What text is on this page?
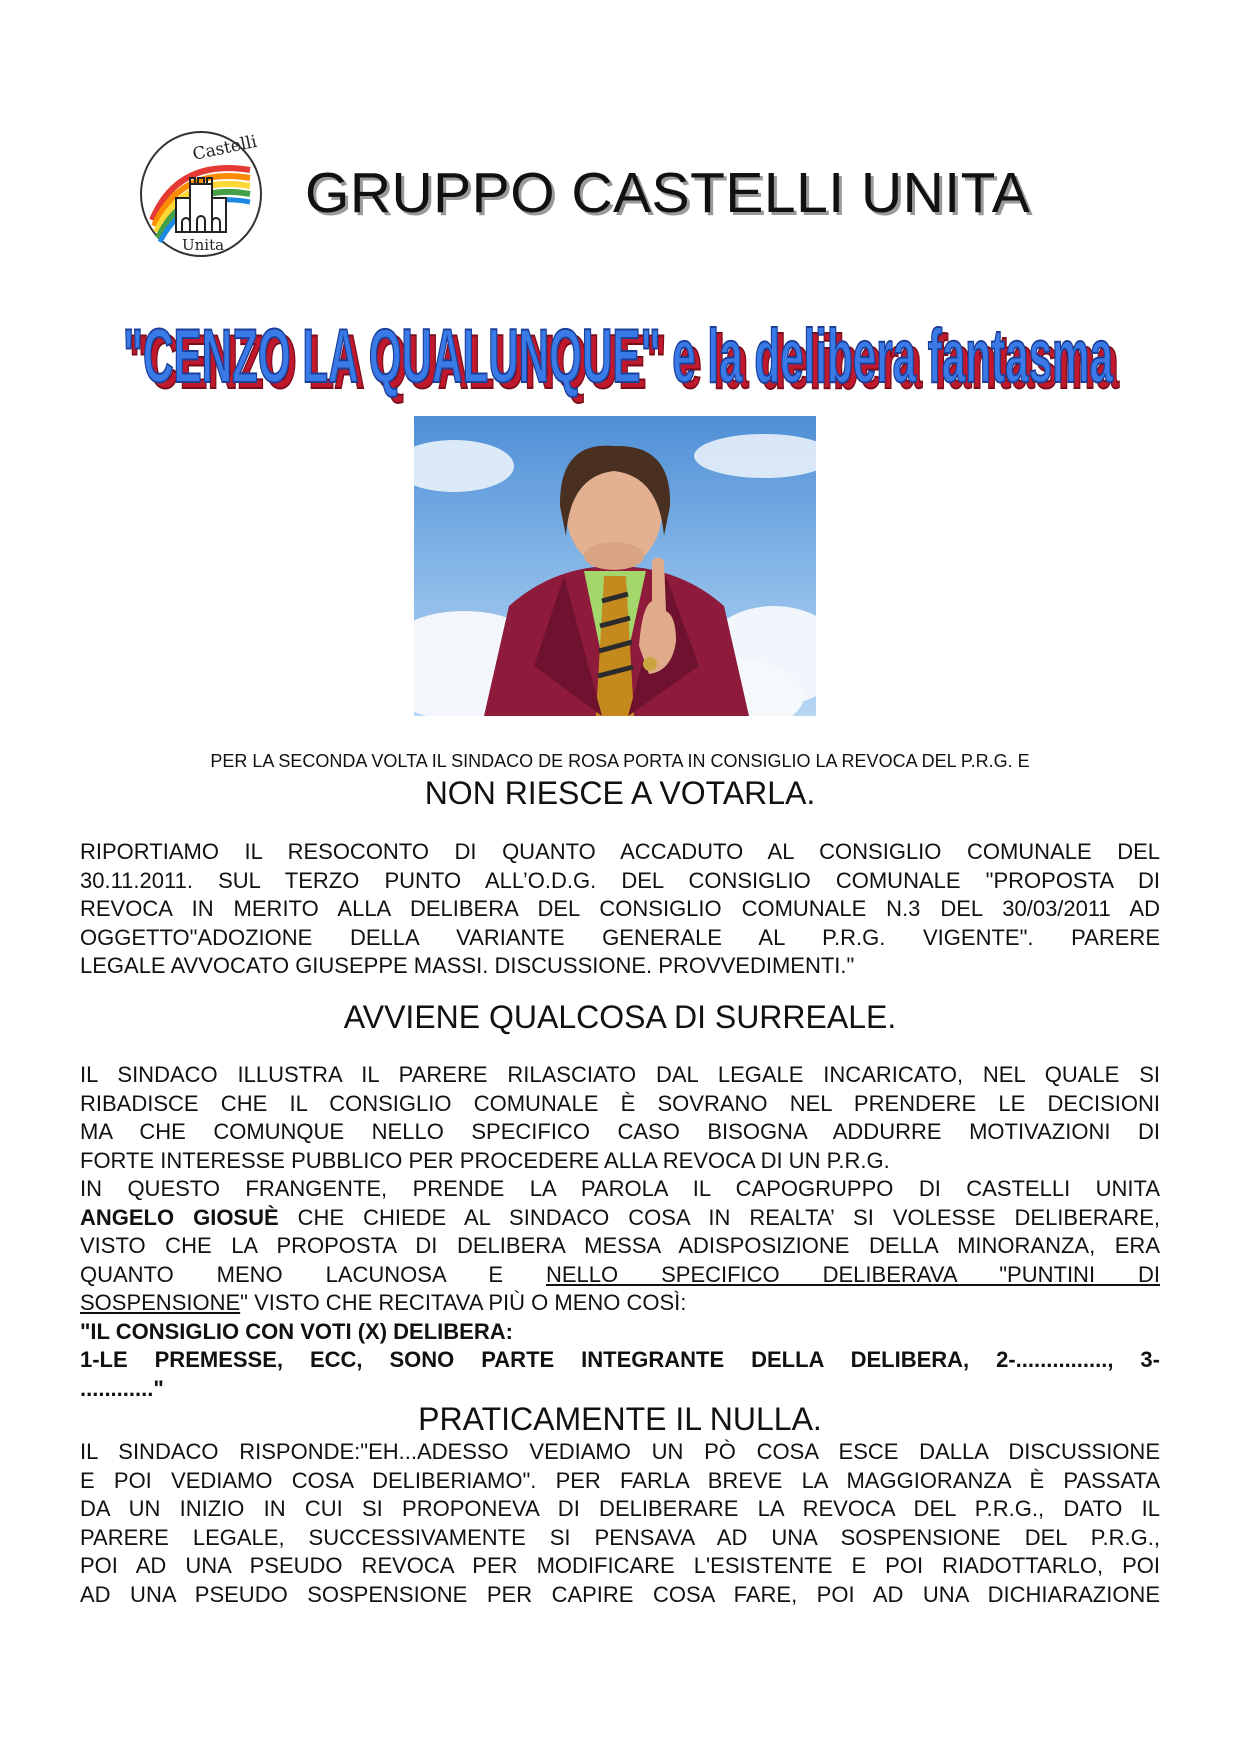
Castelli
Unita
GRUPPO CASTELLI UNITA
"CENZO LA QUALUNQUE" e la delibera fantasma
"CENZO LA QUALUNQUE" e la delibera fantasma
PER LA SECONDA VOLTA IL SINDACO DE ROSA PORTA IN CONSIGLIO LA REVOCA DEL P.R.G. E
NON RIESCE A VOTARLA.
RIPORTIAMO IL RESOCONTO DI QUANTO ACCADUTO AL CONSIGLIO COMUNALE DEL
30.11.2011. SUL TERZO PUNTO ALL’O.D.G. DEL CONSIGLIO COMUNALE "PROPOSTA DI
REVOCA IN MERITO ALLA DELIBERA DEL CONSIGLIO COMUNALE N.3 DEL 30/03/2011 AD
OGGETTO"ADOZIONE DELLA VARIANTE GENERALE AL P.R.G. VIGENTE". PARERE
LEGALE AVVOCATO GIUSEPPE MASSI. DISCUSSIONE. PROVVEDIMENTI."
AVVIENE QUALCOSA DI SURREALE.
IL SINDACO ILLUSTRA IL PARERE RILASCIATO DAL LEGALE INCARICATO, NEL QUALE SI
RIBADISCE CHE IL CONSIGLIO COMUNALE È SOVRANO NEL PRENDERE LE DECISIONI
MA CHE COMUNQUE NELLO SPECIFICO CASO BISOGNA ADDURRE MOTIVAZIONI DI
FORTE INTERESSE PUBBLICO PER PROCEDERE ALLA REVOCA DI UN P.R.G.
IN QUESTO FRANGENTE, PRENDE LA PAROLA IL CAPOGRUPPO DI CASTELLI UNITA
ANGELO GIOSUÈ CHE CHIEDE AL SINDACO COSA IN REALTA’ SI VOLESSE DELIBERARE,
VISTO CHE LA PROPOSTA DI DELIBERA MESSA ADISPOSIZIONE DELLA MINORANZA, ERA
QUANTO MENO LACUNOSA E NELLO SPECIFICO DELIBERAVA "PUNTINI DI
SOSPENSIONE" VISTO CHE RECITAVA PIÙ O MENO COSÌ:
"IL CONSIGLIO CON VOTI (X) DELIBERA:
1-LE PREMESSE, ECC, SONO PARTE INTEGRANTE DELLA DELIBERA, 2-..............., 3-
............"
PRATICAMENTE IL NULLA.
IL SINDACO RISPONDE:"EH...ADESSO VEDIAMO UN PÒ COSA ESCE DALLA DISCUSSIONE
E POI VEDIAMO COSA DELIBERIAMO". PER FARLA BREVE LA MAGGIORANZA È PASSATA
DA UN INIZIO IN CUI SI PROPONEVA DI DELIBERARE LA REVOCA DEL P.R.G., DATO IL
PARERE LEGALE, SUCCESSIVAMENTE SI PENSAVA AD UNA SOSPENSIONE DEL P.R.G.,
POI AD UNA PSEUDO REVOCA PER MODIFICARE L'ESISTENTE E POI RIADOTTARLO, POI
AD UNA PSEUDO SOSPENSIONE PER CAPIRE COSA FARE, POI AD UNA DICHIARAZIONE
